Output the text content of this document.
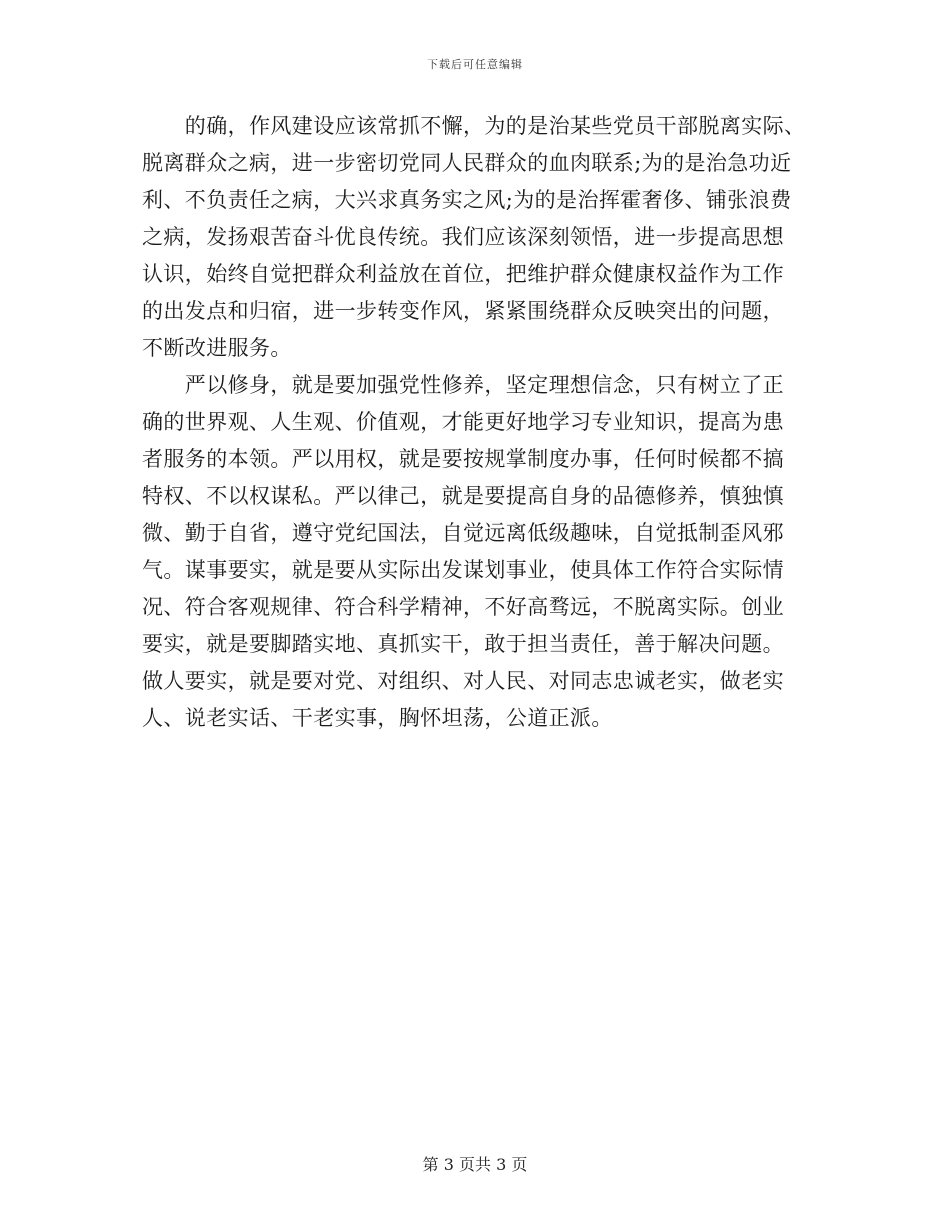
下载后可任意编辑
　　的确，作风建设应该常抓不懈，为的是治某些党员干部脱离实际、
脱离群众之病，进一步密切党同人民群众的血肉联系;为的是治急功近
利、不负责任之病，大兴求真务实之风;为的是治挥霍奢侈、铺张浪费
之病，发扬艰苦奋斗优良传统。我们应该深刻领悟，进一步提高思想
认识，始终自觉把群众利益放在首位，把维护群众健康权益作为工作
的出发点和归宿，进一步转变作风，紧紧围绕群众反映突出的问题，
不断改进服务。
　　严以修身，就是要加强党性修养，坚定理想信念，只有树立了正
确的世界观、人生观、价值观，才能更好地学习专业知识，提高为患
者服务的本领。严以用权，就是要按规掌制度办事，任何时候都不搞
特权、不以权谋私。严以律己，就是要提高自身的品德修养，慎独慎
微、勤于自省，遵守党纪国法，自觉远离低级趣味，自觉抵制歪风邪
气。谋事要实，就是要从实际出发谋划事业，使具体工作符合实际情
况、符合客观规律、符合科学精神，不好高骛远，不脱离实际。创业
要实，就是要脚踏实地、真抓实干，敢于担当责任，善于解决问题。
做人要实，就是要对党、对组织、对人民、对同志忠诚老实，做老实
人、说老实话、干老实事，胸怀坦荡，公道正派。
第 3 页共 3 页
